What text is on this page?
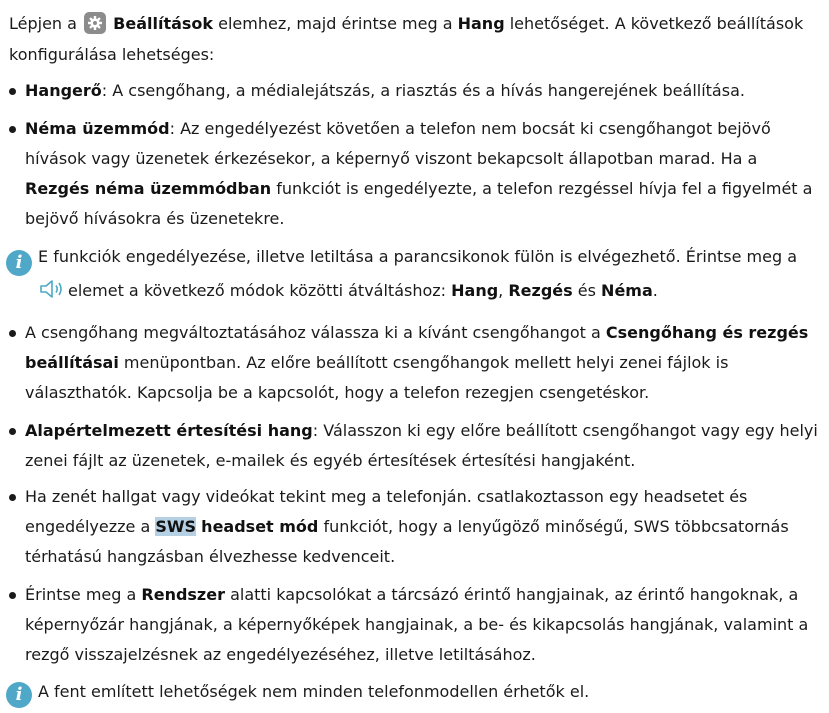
Lépjen a Beállítások elemhez, majd érintse meg a Hang lehetőséget. A következő beállítások konfigurálása lehetséges:
Hangerő: A csengőhang, a médialejátszás, a riasztás és a hívás hangerejének beállítása.
Néma üzemmód: Az engedélyezést követően a telefon nem bocsát ki csengőhangot bejövő hívások vagy üzenetek érkezésekor, a képernyő viszont bekapcsolt állapotban marad. Ha a Rezgés néma üzemmódban funkciót is engedélyezte, a telefon rezgéssel hívja fel a figyelmét a bejövő hívásokra és üzenetekre.
i E funkciók engedélyezése, illetve letiltása a parancsikonok fülön is elvégezhető. Érintse meg a elemet a következő módok közötti átváltáshoz: Hang, Rezgés és Néma.
A csengőhang megváltoztatásához válassza ki a kívánt csengőhangot a Csengőhang és rezgés beállításai menüpontban. Az előre beállított csengőhangok mellett helyi zenei fájlok is választhatók. Kapcsolja be a kapcsolót, hogy a telefon rezegjen csengetéskor.
Alapértelmezett értesítési hang: Válasszon ki egy előre beállított csengőhangot vagy egy helyi zenei fájlt az üzenetek, e-mailek és egyéb értesítések értesítési hangjaként.
Ha zenét hallgat vagy videókat tekint meg a telefonján. csatlakoztasson egy headsetet és engedélyezze a SWS headset mód funkciót, hogy a lenyűgöző minőségű, SWS többcsatornás térhatású hangzásban élvezhesse kedvenceit.
Érintse meg a Rendszer alatti kapcsolókat a tárcsázó érintő hangjainak, az érintő hangoknak, a képernyőzár hangjának, a képernyőképek hangjainak, a be- és kikapcsolás hangjának, valamint a rezgő visszajelzésnek az engedélyezéséhez, illetve letiltásához.
i A fent említett lehetőségek nem minden telefonmodellen érhetők el.
